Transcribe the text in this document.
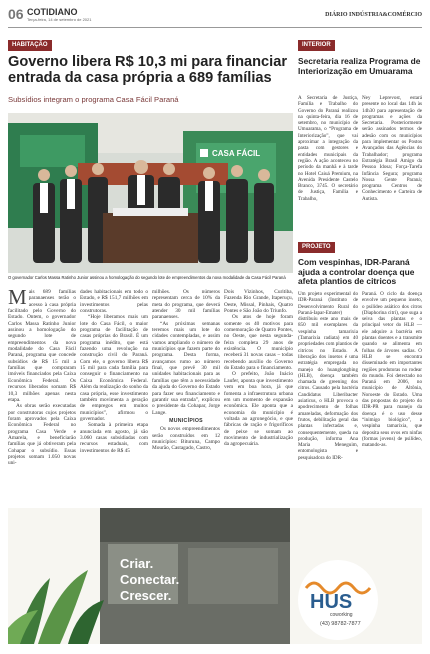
06 COTIDIANO
Terça-feira, 14 de setembro de 2021
DIÁRIO INDÚSTRIA&COMÉRCIO
HABITAÇÃO
Governo libera R$ 10,3 mi para financiar entrada da casa própria a 689 famílias
Subsídios integram o programa Casa Fácil Paraná
CASA FÁCIL
O governador Carlos Massa Ratinho Junior assinou a homologação do segundo lote de empreendimentos da nova modalidade da Casa Fácil Paraná

Mais 689 famílias paranaenses terão o acesso à casa própria facilitado pelo Governo do Estado. Ontem, o governador Carlos Massa Ratinho Junior assinou a homologação do segundo lote de empreendimentos da nova modalidade do Casa Fácil Paraná, programa que concede subsídios de R$ 15 mil a famílias que compraram imóveis financiados pela Caixa Econômica Federal. Os recursos liberados somam R$ 10,3 milhões apenas nesta etapa.

As obras serão executadas por construtoras cujos projetos foram aprovados pela Caixa Econômica Federal no programa Casa Verde e Amarela, e beneficiarão famílias que já obtiveram pela Cohapar o subsídio. Essas projetos somam 1.050 novas uni-

dades habitacionais em todo o Estado, e R$ 151,7 milhões em investimentos pelas construtoras.

“Hoje liberamos mais um lote do Casa Fácil, o maior programa de facilitação de casas próprias do Brasil. É um programa inédito, que está fazendo uma revolução na construção civil do Paraná. Com ele, o governo libera R$ 15 mil para cada família para conseguir o financiamento na Caixa Econômica Federal. Além da realização do sonho da casa própria, esse investimento também movimenta a geração de empregos em muitos municípios”, afirmou o governador.

Somada à primeira etapa anunciada em agosto, já são 3.060 casas subsidiadas com recursos estaduais, com investimentos de R$ 45

milhões. Os números representam cerca de 10% da meta do programa, que deverá atender 30 mil famílias paranaenses.

“As próximas semanas teremos mais um lote do cidades contempladas, e assim vamos ampliando o número de municípios que fazem parte do programa. Desta forma, avançamos rumo ao número final, que prevê 30 mil unidades habitacionais para as famílias que têm a necessidade da ajuda do Governo do Estado para fazer seu financiamento e garantir sua entrada”, explicou o presidente da Cohapar, Jorge Lange.

MUNICÍPIOS

Os novos empreendimentos serão construídos em 12 municípios: Bituruna, Campo Mourão, Castagado, Castro,

Dois Vizinhos, Curitiba, Fazenda Rio Grande, Itaperuçu, Oeste, Missal, Pinhais, Quatro Pontes e São João do Triunfo.

Os atos de hoje foram somente os 40 motivos para comemoração de Quatro Pontes, no Oeste, que nesta segunda-feira completa 29 anos de existência. O município receberá 31 novas casas – todas recebendo auxílio do Governo do Estado para o financiamento.

O prefeito, João Inácio Laufer, aponta que investimento vem em boa hora, já que fomenta a infraestrutura urbana em um momento de expansão econômica. Ele aponta que a economia do município é voltada ao agronegócio, e que fábricas de ração e frigoríficos de peixe se somam ao movimento de industrialização da agropecuária.

INTERIOR
Secretaria realiza Programa de Interiorização em Umuarama

A Secretaria de Justiça, Família e Trabalho do Governo do Paraná realizou na quinta-feira, dia 16 de setembro, no município de Umuarama, o “Programa de Interiorização”, que vai aproximar a integração da pasta com gestores e entidades municipais da região. A ação aconteceu no período da manhã e à tarde no Hotel Caiuá Premium, na Avenida Presidente Castelo Branco, 3745. O secretário de Justiça, Família e Trabalho,

Ney Leprevost, estará presente no local das 14h às 14h30 para apresentação de programas e ações da Secretaria. Posteriormente serão assinados termos de adesão com os municípios para implementar os Postos Avançados das Agências do Trabalhador; programa Estratégia Brasil Amigo da Pessoa Idosa; Força-Tarefa Infância Segura; programa Nossa Gente Paraná; programa Centros de Conhecimento e Carteira de Autista.

PROJETO
Com vespinhas, IDR-Paraná ajuda a controlar doença que afeta plantios de citricos

Um projeto experimental do IDR-Paraná (Instituto de Desenvolvimento Rural do Paraná-Iapar-Emater) distribuiu este ano mais de 850 mil exemplares da vespinha tamarixia (Tamarixia radiata) em 40 propriedades com plantios de citricos no Estado. A liberação dos insetos é uma estratégia empregada no manejo do huanglongbing (HLB), doença também chamada de greening dos citros. Causado pela bactéria Candidatus Liberibacter asiaticus, o HLB provoca o apodrecimento de folhas amareladas, deformação dos frutos, debilitação geral das plantas infectadas e, consequentemente, queda na produção, informa Ana Maria Meneguim, entomologista e pesquisadora do IDR-

Paraná. O ciclo da doença envolve um pequeno inseto, o psilídeo asiático dos citros (Diaphorina citri), que suga a seiva das plantas e o principal vetor do HLB — ele adquire a bactéria em plantas doentes e a transmite quando se alimenta em folhas de árvores sadias. O HLB se encontra disseminado em importantes regiões produtoras no rodear do mundo. Foi detectado no Paraná em 2006, no município de Altônia, Noroeste do Estado. Uma das propostas do projeto do IDR-PR para manejo da doença é o uso desse “inimigo biológico”, a vespinha tamarixia, que deposita seus ovos em ninfas (formas jovens) de psilídeo, matando-as.

HUS
coworking
(43) 98782-7877
Criar.
Conectar.
Crescer.
